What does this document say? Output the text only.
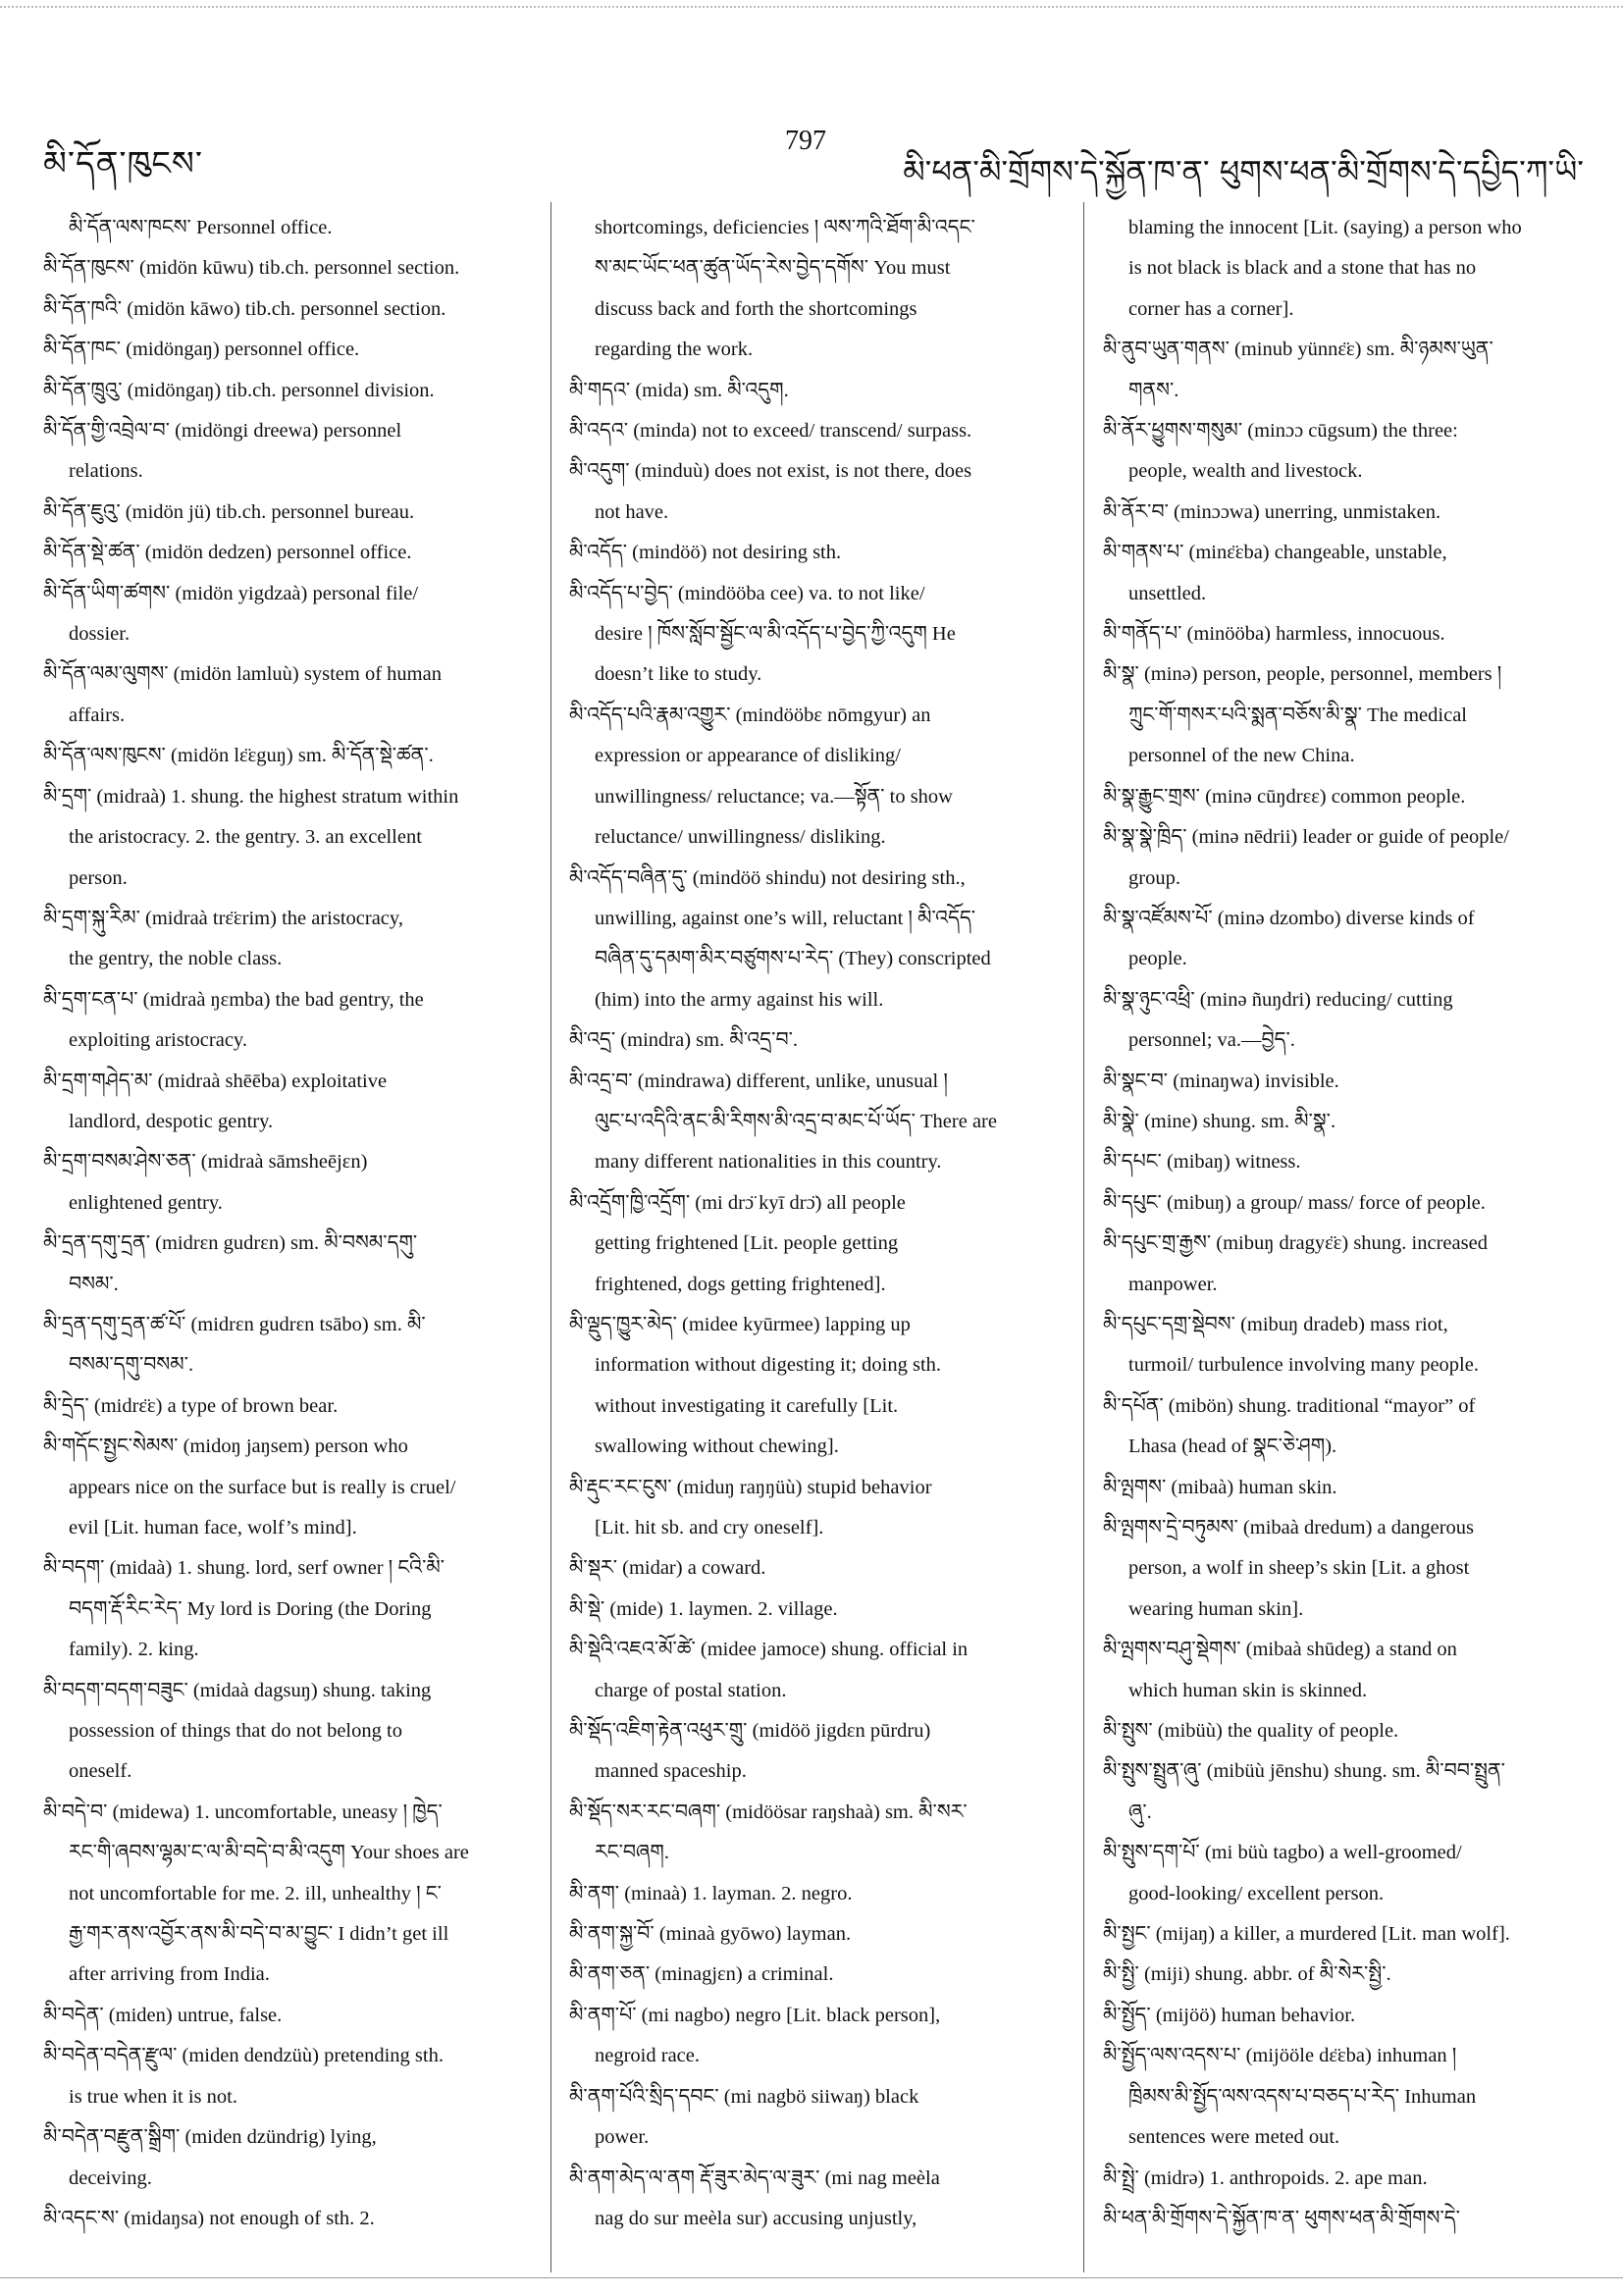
མི་དོན་ཁུངས་
797
མི་ཕན་མི་གྲོགས་དེ་སྐྱོན་ཁ་ན་ ཕུགས་ཕན་མི་གྲོགས་དེ་དཔྱིད་ཀ་ཡི་
མི་དོན་ལས་ཁངས་ Personnel office.
མི་དོན་ཁུངས་ (midön kūwu) tib.ch. personnel section.
མི་དོན་ཁའི་ (midön kāwo) tib.ch. personnel section.
མི་དོན་ཁང་ (midöngaŋ) personnel office.
མི་དོན་ཁྲུའུ་ (midöngaŋ) tib.ch. personnel division.
མི་དོན་གྱི་འབྲེལ་བ་ (midöngi dreewa) personnel
relations.
མི་དོན་ཇུའུ་ (midön jü) tib.ch. personnel bureau.
མི་དོན་སྡེ་ཚན་ (midön dedzen) personnel office.
མི་དོན་ཡིག་ཚགས་ (midön yigdzaà) personal file/
dossier.
མི་དོན་ལམ་ལུགས་ (midön lamluù) system of human
affairs.
མི་དོན་ལས་ཁུངས་ (midön lɛ̈ɛguŋ) sm. མི་དོན་སྡེ་ཚན་.
མི་དྲག་ (midraà) 1. shung. the highest stratum within
the aristocracy. 2. the gentry. 3. an excellent
person.
མི་དྲག་སྐུ་རིམ་ (midraà trɛ̈ɛrim) the aristocracy,
the gentry, the noble class.
མི་དྲག་ངན་པ་ (midraà ŋɛmba) the bad gentry, the
exploiting aristocracy.
མི་དྲག་གཤེད་མ་ (midraà shēēba) exploitative
landlord, despotic gentry.
མི་དྲག་བསམ་ཤེས་ཅན་ (midraà sāmsheējɛn)
enlightened gentry.
མི་དྲན་དགུ་དྲན་ (midrɛn gudrɛn) sm. མི་བསམ་དགུ་
བསམ་.
མི་དྲན་དགུ་དྲན་ཚ་པོ་ (midrɛn gudrɛn tsābo) sm. མི་
བསམ་དགུ་བསམ་.
མི་དྲེད་ (midrɛ̈ɛ) a type of brown bear.
མི་གདོང་སྤྱང་སེམས་ (midoŋ jaŋsem) person who
appears nice on the surface but is really is cruel/
evil [Lit. human face, wolf’s mind].
མི་བདག་ (midaà) 1. shung. lord, serf owner ། ངའི་མི་
བདག་རྡོ་རིང་རེད་ My lord is Doring (the Doring
family). 2. king.
མི་བདག་བདག་བཟུང་ (midaà dagsuŋ) shung. taking
possession of things that do not belong to
oneself.
མི་བདེ་བ་ (midewa) 1. uncomfortable, uneasy ། ཁྱེད་
རང་གི་ཞབས་ལྷམ་ང་ལ་མི་བདེ་བ་མི་འདུག Your shoes are
not uncomfortable for me. 2. ill, unhealthy ། ང་
རྒྱ་གར་ནས་འབྱོར་ནས་མི་བདེ་བ་མ་བྱུང་ I didn’t get ill
after arriving from India.
མི་བདེན་ (miden) untrue, false.
མི་བདེན་བདེན་རྫུལ་ (miden dendzüù) pretending sth.
is true when it is not.
མི་བདེན་བརྫུན་སྒྲིག་ (miden dzündrig) lying,
deceiving.
མི་འདང་ས་ (midaŋsa) not enough of sth. 2.
shortcomings, deficiencies ། ལས་ཀའི་ཐོག་མི་འདང་
ས་མང་ཡོང་ཕན་ཚུན་ཡོད་རེས་བྱེད་དགོས་ You must
discuss back and forth the shortcomings
regarding the work.
མི་གདའ་ (mida) sm. མི་འདུག.
མི་འདའ་ (minda) not to exceed/ transcend/ surpass.
མི་འདུག་ (minduù) does not exist, is not there, does
not have.
མི་འདོད་ (mindöö) not desiring sth.
མི་འདོད་པ་བྱེད་ (mindööba cee) va. to not like/
desire ། ཁོས་སློབ་སྦྱོང་ལ་མི་འདོད་པ་བྱེད་ཀྱི་འདུག He
doesn’t like to study.
མི་འདོད་པའི་རྣམ་འགྱུར་ (mindööbɛ nōmgyur) an
expression or appearance of disliking/
unwillingness/ reluctance; va.—སྟོན་ to show
reluctance/ unwillingness/ disliking.
མི་འདོད་བཞིན་དུ་ (mindöö shindu) not desiring sth.,
unwilling, against one’s will, reluctant ། མི་འདོད་
བཞིན་དུ་དམག་མིར་བཙུགས་པ་རེད་ (They) conscripted
(him) into the army against his will.
མི་འདྲ་ (mindra) sm. མི་འདྲ་བ་.
མི་འདྲ་བ་ (mindrawa) different, unlike, unusual །
ལུང་པ་འདིའི་ནང་མི་རིགས་མི་འདྲ་བ་མང་པོ་ཡོད་ There are
many different nationalities in this country.
མི་འདྲོག་ཁྱི་འདྲོག་ (mi drɔ̈ kyī drɔ̈) all people
getting frightened [Lit. people getting
frightened, dogs getting frightened].
མི་ལྡུད་ཁྱུར་མེད་ (midee kyūrmee) lapping up
information without digesting it; doing sth.
without investigating it carefully [Lit.
swallowing without chewing].
མི་རྡུང་རང་ངུས་ (miduŋ raŋŋüù) stupid behavior
[Lit. hit sb. and cry oneself].
མི་སྡར་ (midar) a coward.
མི་སྡེ་ (mide) 1. laymen. 2. village.
མི་སྡེའི་འཇའ་མོ་ཚེ་ (midee jamoce) shung. official in
charge of postal station.
མི་སྡོད་འཇིག་རྟེན་འཕུར་གྲུ་ (midöö jigdɛn pūrdru)
manned spaceship.
མི་སྡོད་སར་རང་བཞག་ (midöösar raŋshaà) sm. མི་སར་
རང་བཞག.
མི་ནག་ (minaà) 1. layman. 2. negro.
མི་ནག་སྐྱ་བོ་ (minaà gyōwo) layman.
མི་ནག་ཅན་ (minagjɛn) a criminal.
མི་ནག་པོ་ (mi nagbo) negro [Lit. black person],
negroid race.
མི་ནག་པོའི་སྲིད་དབང་ (mi nagbö siiwaŋ) black
power.
མི་ནག་མེད་ལ་ནག རྡོ་ཟུར་མེད་ལ་ཟུར་ (mi nag meèla
nag do sur meèla sur) accusing unjustly,
blaming the innocent [Lit. (saying) a person who
is not black is black and a stone that has no
corner has a corner].
མི་ནུབ་ཡུན་གནས་ (minub yünnɛ̈ɛ) sm. མི་ཉམས་ཡུན་
གནས་.
མི་ནོར་ཕྱུགས་གསུམ་ (minɔɔ cūgsum) the three:
people, wealth and livestock.
མི་ནོར་བ་ (minɔɔwa) unerring, unmistaken.
མི་གནས་པ་ (minɛ̈ɛba) changeable, unstable,
unsettled.
མི་གནོད་པ་ (minööba) harmless, innocuous.
མི་སྣ་ (minə) person, people, personnel, members །
ཀྲུང་གོ་གསར་པའི་སྨན་བཅོས་མི་སྣ་ The medical
personnel of the new China.
མི་སྣ་རྒྱུང་གྲས་ (minə cūŋdrɛɛ) common people.
མི་སྣ་སྣེ་ཁྲིད་ (minə nēdrii) leader or guide of people/
group.
མི་སྣ་འཛོམས་པོ་ (minə dzombo) diverse kinds of
people.
མི་སྣ་ཉུང་འཕྲི་ (minə ñuŋdri) reducing/ cutting
personnel; va.—བྱེད་.
མི་སྣང་བ་ (minaŋwa) invisible.
མི་སྣེ་ (mine) shung. sm. མི་སྣ་.
མི་དཔང་ (mibaŋ) witness.
མི་དཔུང་ (mibuŋ) a group/ mass/ force of people.
མི་དཔུང་གྲ་རྒྱས་ (mibuŋ dragyɛ̈ɛ) shung. increased
manpower.
མི་དཔུང་དགྲ་སྡེབས་ (mibuŋ dradeb) mass riot,
turmoil/ turbulence involving many people.
མི་དཔོན་ (mibön) shung. traditional “mayor” of
Lhasa (head of སྣང་ཅེ་ཤག).
མི་ལྤགས་ (mibaà) human skin.
མི་ལྤགས་དྲེ་བཏུམས་ (mibaà dredum) a dangerous
person, a wolf in sheep’s skin [Lit. a ghost
wearing human skin].
མི་ལྤགས་བཤུ་སྡེགས་ (mibaà shūdeg) a stand on
which human skin is skinned.
མི་སྤུས་ (mibüù) the quality of people.
མི་སྤུས་སྤྲུན་ཞུ་ (mibüù jēnshu) shung. sm. མི་བབ་སྤྲུན་
ཞུ་.
མི་སྤུས་དག་པོ་ (mi büù tagbo) a well-groomed/
good-looking/ excellent person.
མི་སྤྱང་ (mijaŋ) a killer, a murdered [Lit. man wolf].
མི་སྤྱི་ (miji) shung. abbr. of མི་སེར་སྤྱི་.
མི་སྤྱོད་ (mijöö) human behavior.
མི་སྤྱོད་ལས་འདས་པ་ (mijööle dɛ̈ɛba) inhuman །
ཁྲིམས་མི་སྤྱོད་ལས་འདས་པ་བཅད་པ་རེད་ Inhuman
sentences were meted out.
མི་སྤྲེ་ (midrə) 1. anthropoids. 2. ape man.
མི་ཕན་མི་གྲོགས་དེ་སྐྱོན་ཁ་ན་ ཕུགས་ཕན་མི་གྲོགས་དེ་
